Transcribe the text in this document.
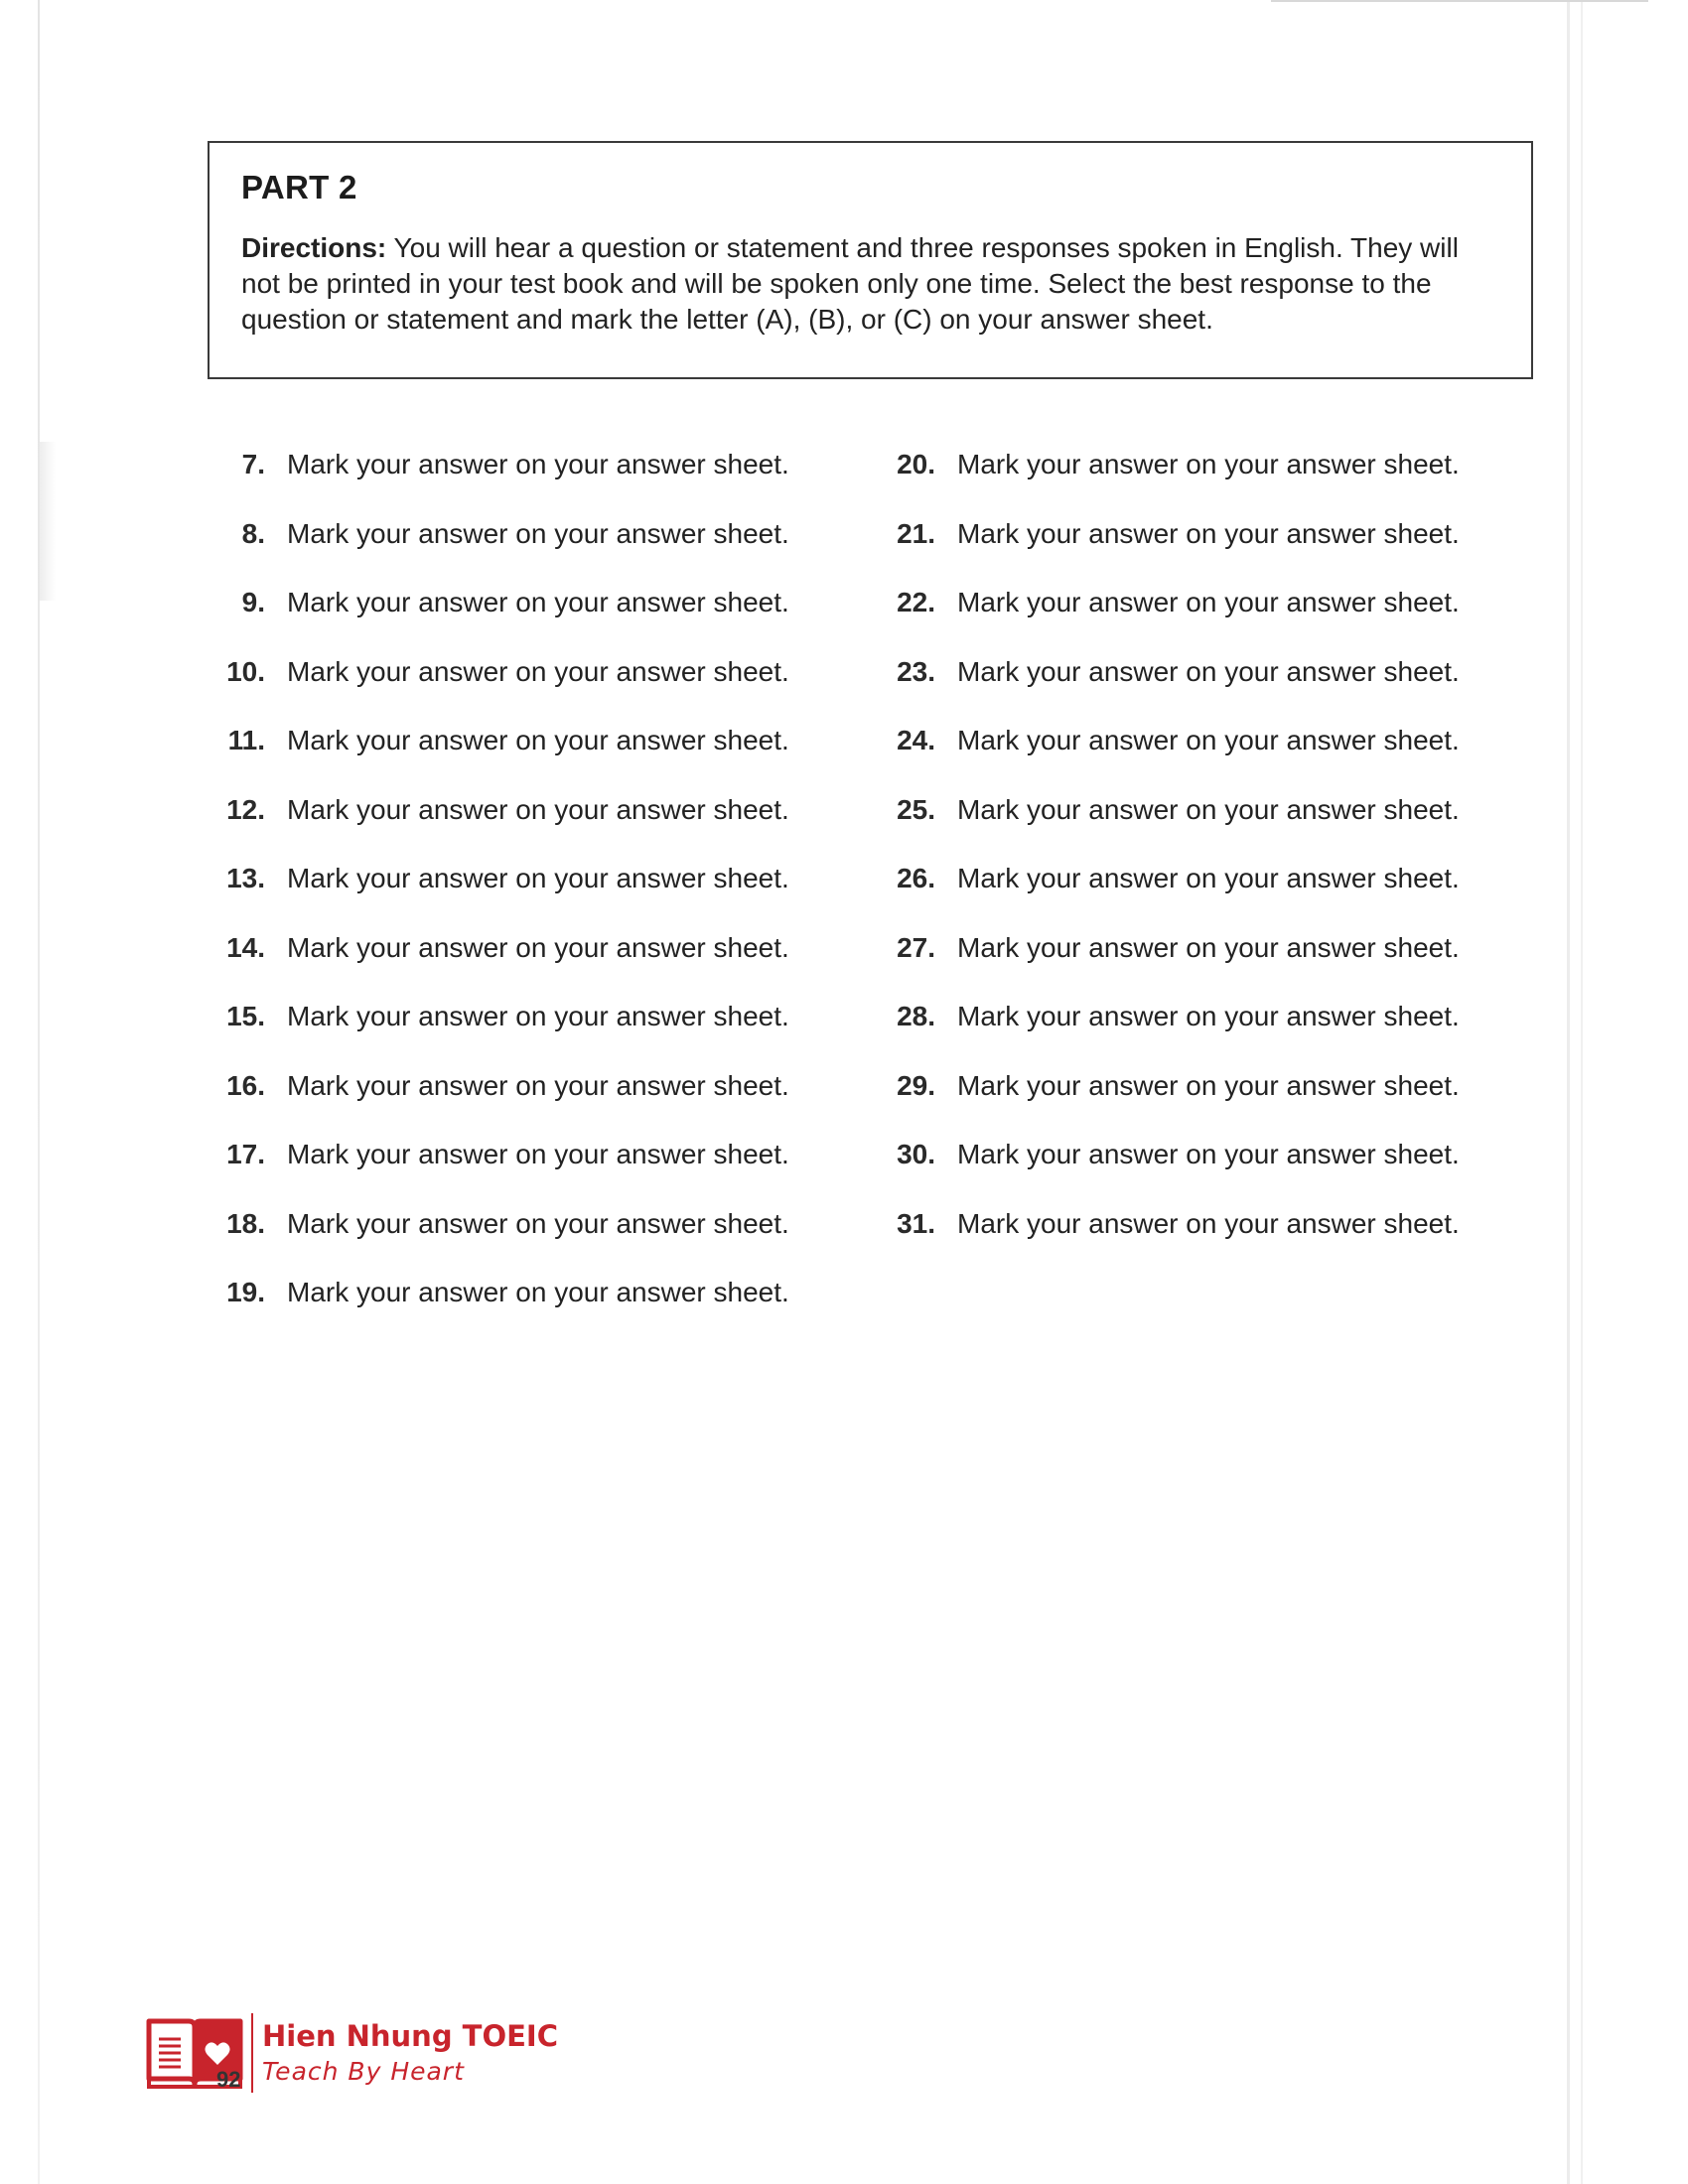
PART 2

Directions: You will hear a question or statement and three responses spoken in English. They will not be printed in your test book and will be spoken only one time. Select the best response to the question or statement and mark the letter (A), (B), or (C) on your answer sheet.

7. Mark your answer on your answer sheet.
8. Mark your answer on your answer sheet.
9. Mark your answer on your answer sheet.
10. Mark your answer on your answer sheet.
11. Mark your answer on your answer sheet.
12. Mark your answer on your answer sheet.
13. Mark your answer on your answer sheet.
14. Mark your answer on your answer sheet.
15. Mark your answer on your answer sheet.
16. Mark your answer on your answer sheet.
17. Mark your answer on your answer sheet.
18. Mark your answer on your answer sheet.
19. Mark your answer on your answer sheet.
20. Mark your answer on your answer sheet.
21. Mark your answer on your answer sheet.
22. Mark your answer on your answer sheet.
23. Mark your answer on your answer sheet.
24. Mark your answer on your answer sheet.
25. Mark your answer on your answer sheet.
26. Mark your answer on your answer sheet.
27. Mark your answer on your answer sheet.
28. Mark your answer on your answer sheet.
29. Mark your answer on your answer sheet.
30. Mark your answer on your answer sheet.
31. Mark your answer on your answer sheet.
Hien Nhung TOEIC
Teach By Heart
92
